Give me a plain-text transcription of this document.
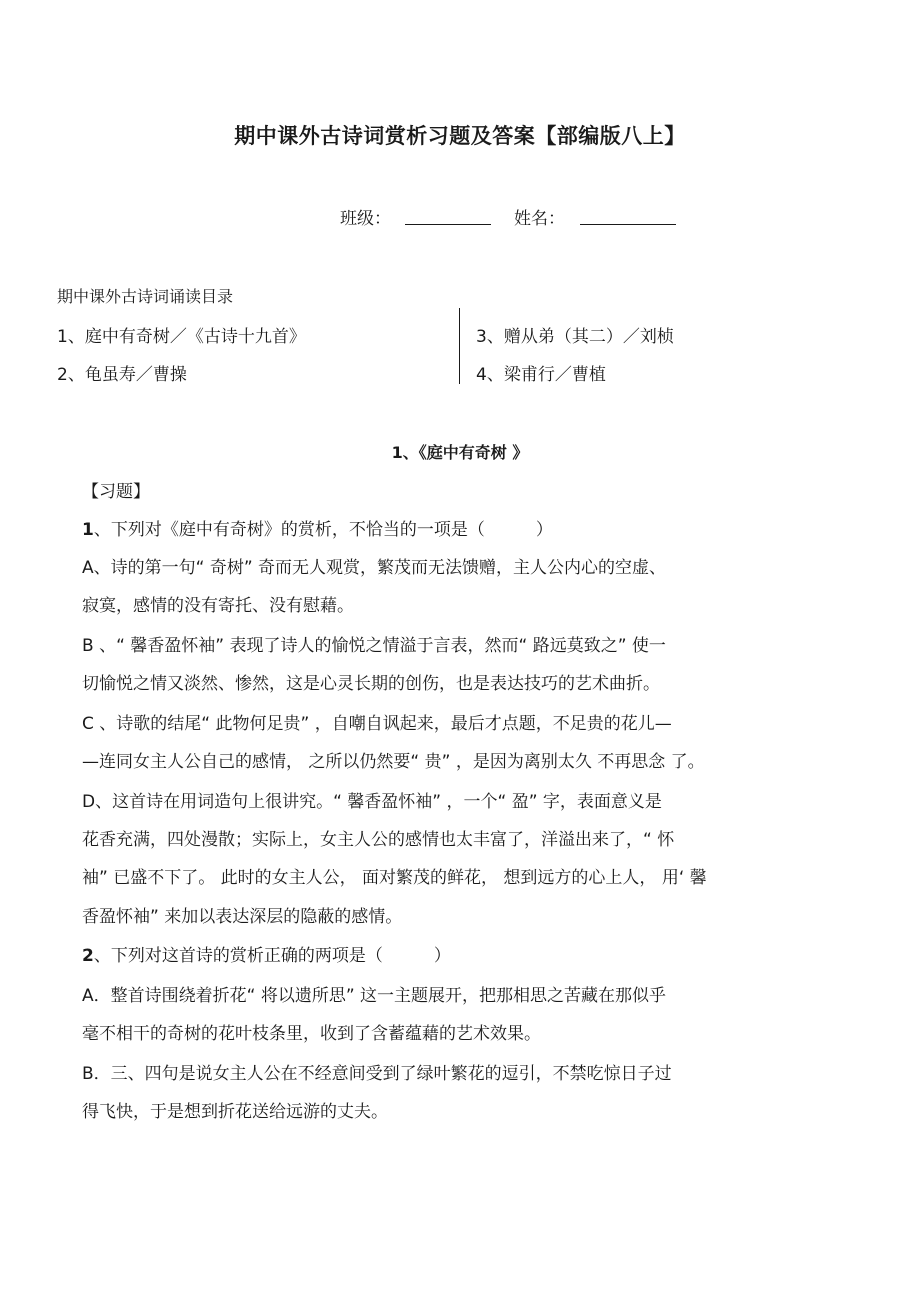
期中课外古诗词赏析习题及答案【部编版八上】
班级：	姓名：
期中课外古诗词诵读目录
1、庭中有奇树／《古诗十九首》
2、龟虽寿／曹操
3、赠从弟（其二）／刘桢
4、梁甫行／曹植
1、《庭中有奇树 》
【习题】
1、下列对《庭中有奇树》的赏析，不恰当的一项是（　　　）
A、诗的第一句“ 奇树” 奇而无人观赏，繁茂而无法馈赠，主人公内心的空虚、
寂寞，感情的没有寄托、没有慰藉。
B 、“ 馨香盈怀袖” 表现了诗人的愉悦之情溢于言表，然而“ 路远莫致之” 使一
切愉悦之情又淡然、惨然，这是心灵长期的创伤，也是表达技巧的艺术曲折。
C 、诗歌的结尾“ 此物何足贵” ，自嘲自讽起来，最后才点题，不足贵的花儿—
—连同女主人公自己的感情， 之所以仍然要“ 贵” ，是因为离别太久 不再思念 了。
D、这首诗在用词造句上很讲究。“ 馨香盈怀袖” ，一个“ 盈” 字，表面意义是
花香充满，四处漫散；实际上，女主人公的感情也太丰富了，洋溢出来了，“ 怀
袖” 已盛不下了。 此时的女主人公， 面对繁茂的鲜花， 想到远方的心上人， 用‘ 馨
香盈怀袖” 来加以表达深层的隐蔽的感情。
2、下列对这首诗的赏析正确的两项是（　　　）
A．整首诗围绕着折花“ 将以遗所思” 这一主题展开，把那相思之苦藏在那似乎
毫不相干的奇树的花叶枝条里，收到了含蓄蕴藉的艺术效果。
B．三、四句是说女主人公在不经意间受到了绿叶繁花的逗引，不禁吃惊日子过
得飞快，于是想到折花送给远游的丈夫。
